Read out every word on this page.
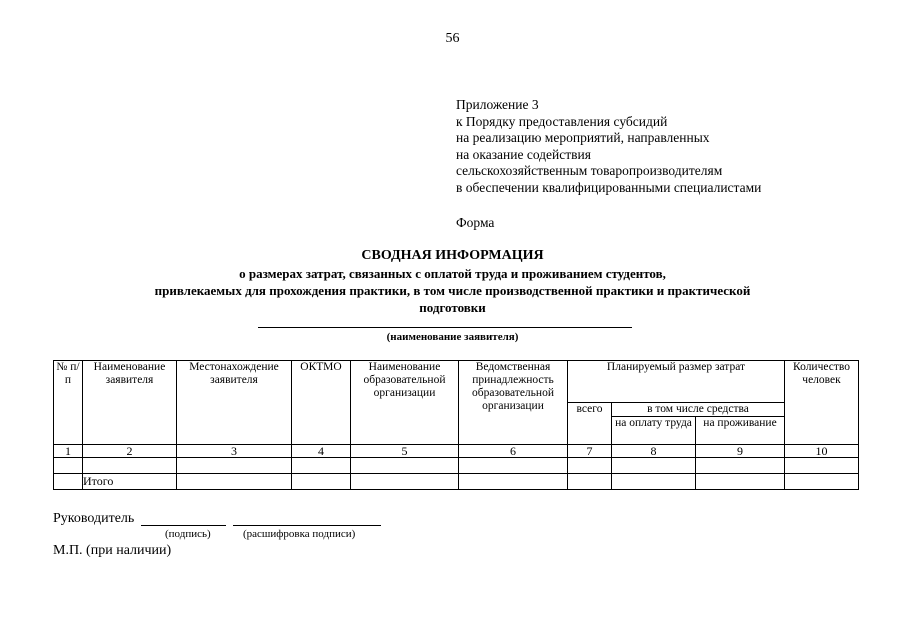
56
Приложение 3
к Порядку предоставления субсидий
на реализацию мероприятий, направленных
на оказание содействия
сельскохозяйственным товаропроизводителям
в обеспечении квалифицированными специалистами
Форма
СВОДНАЯ ИНФОРМАЦИЯ
о размерах затрат, связанных с оплатой труда и проживанием студентов,
привлекаемых для прохождения практики, в том числе производственной практики и практической
подготовки
(наименование заявителя)
№ п/п	Наименование заявителя	Местонахождение заявителя	ОКТМО	Наименование образовательной организации	Ведомственная принадлежность образовательной организации	Планируемый размер затрат			Количество человек
						всего	в том числе средства		
							на оплату труда	на проживание	

1	2	3	4	5	6	7	8	9	10

	Итого								
Руководитель
(подпись)	(расшифровка подписи)
М.П. (при наличии)
